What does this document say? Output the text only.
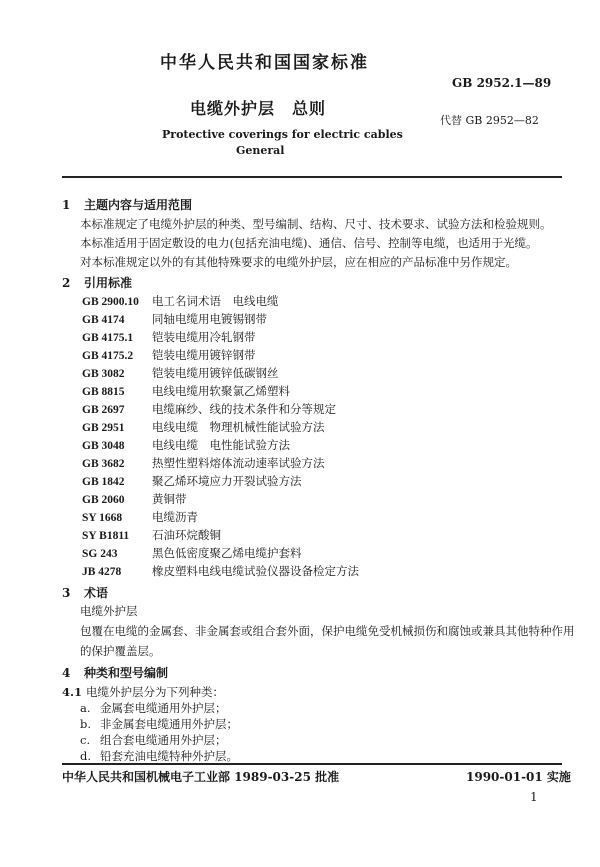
中华人民共和国国家标准
GB 2952.1—89
电缆外护层　总则
代替 GB 2952—82
Protective coverings for electric cables
General
1 主题内容与适用范围
本标准规定了电缆外护层的种类、型号编制、结构、尺寸、技术要求、试验方法和检验规则。
本标准适用于固定敷设的电力(包括充油电缆)、通信、信号、控制等电缆，也适用于光缆。
对本标准规定以外的有其他特殊要求的电缆外护层，应在相应的产品标准中另作规定。
2 引用标准
GB 2900.10 电工名词术语　电线电缆
GB 4174 同轴电缆用电镀锡钢带
GB 4175.1 铠装电缆用冷轧钢带
GB 4175.2 铠装电缆用镀锌钢带
GB 3082 铠装电缆用镀锌低碳钢丝
GB 8815 电线电缆用软聚氯乙烯塑料
GB 2697 电缆麻纱、线的技术条件和分等规定
GB 2951 电线电缆　物理机械性能试验方法
GB 3048 电线电缆　电性能试验方法
GB 3682 热塑性塑料熔体流动速率试验方法
GB 1842 聚乙烯环境应力开裂试验方法
GB 2060 黄铜带
SY 1668	电缆沥青
SY B1811 石油环烷酸铜
SG 243	黑色低密度聚乙烯电缆护套料
JB 4278	橡皮塑料电线电缆试验仪器设备检定方法
3 术语
电缆外护层
包覆在电缆的金属套、非金属套或组合套外面，保护电缆免受机械损伤和腐蚀或兼具其他特种作用的保护覆盖层。
4 种类和型号编制
4.1 电缆外护层分为下列种类：
a. 金属套电缆通用外护层；
b. 非金属套电缆通用外护层；
c. 组合套电缆通用外护层；
中华人民共和国机械电子工业部 1989-03-25 批准	1990-01-01 实施
1
d. 铅套充油电缆特种外护层。
